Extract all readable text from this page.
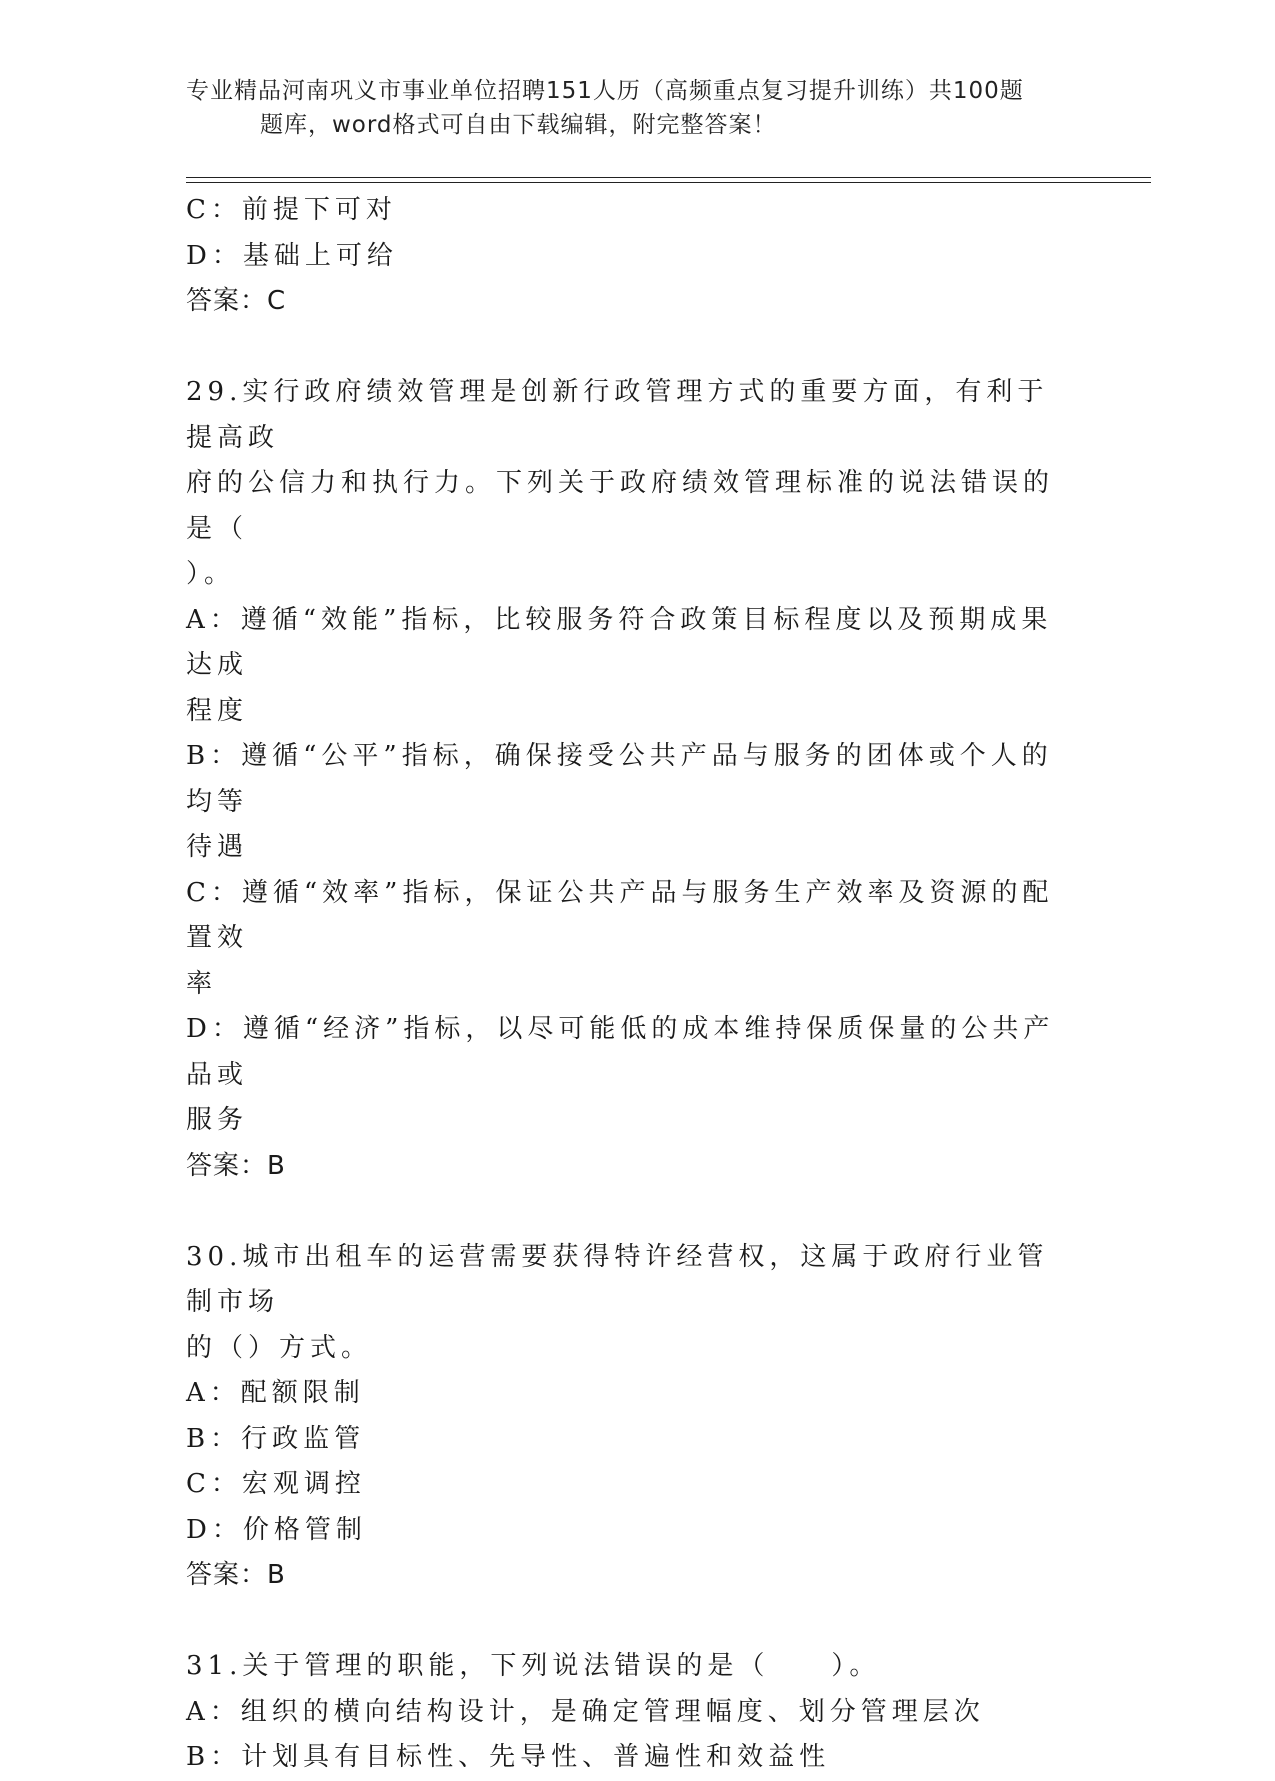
专业精品河南巩义市事业单位招聘151人历（高频重点复习提升训练）共100题
题库，word格式可自由下载编辑，附完整答案！
C：前提下可对
D：基础上可给
答案：C
29.实行政府绩效管理是创新行政管理方式的重要方面，有利于提高政
府的公信力和执行力。下列关于政府绩效管理标准的说法错误的是（
）。
A：遵循“效能”指标，比较服务符合政策目标程度以及预期成果达成
程度
B：遵循“公平”指标，确保接受公共产品与服务的团体或个人的均等
待遇
C：遵循“效率”指标，保证公共产品与服务生产效率及资源的配置效
率
D：遵循“经济”指标，以尽可能低的成本维持保质保量的公共产品或
服务
答案：B
30.城市出租车的运营需要获得特许经营权，这属于政府行业管制市场
的（）方式。
A：配额限制
B：行政监管
C：宏观调控
D：价格管制
答案：B
31.关于管理的职能，下列说法错误的是（　　）。
A：组织的横向结构设计，是确定管理幅度、划分管理层次
B：计划具有目标性、先导性、普遍性和效益性
